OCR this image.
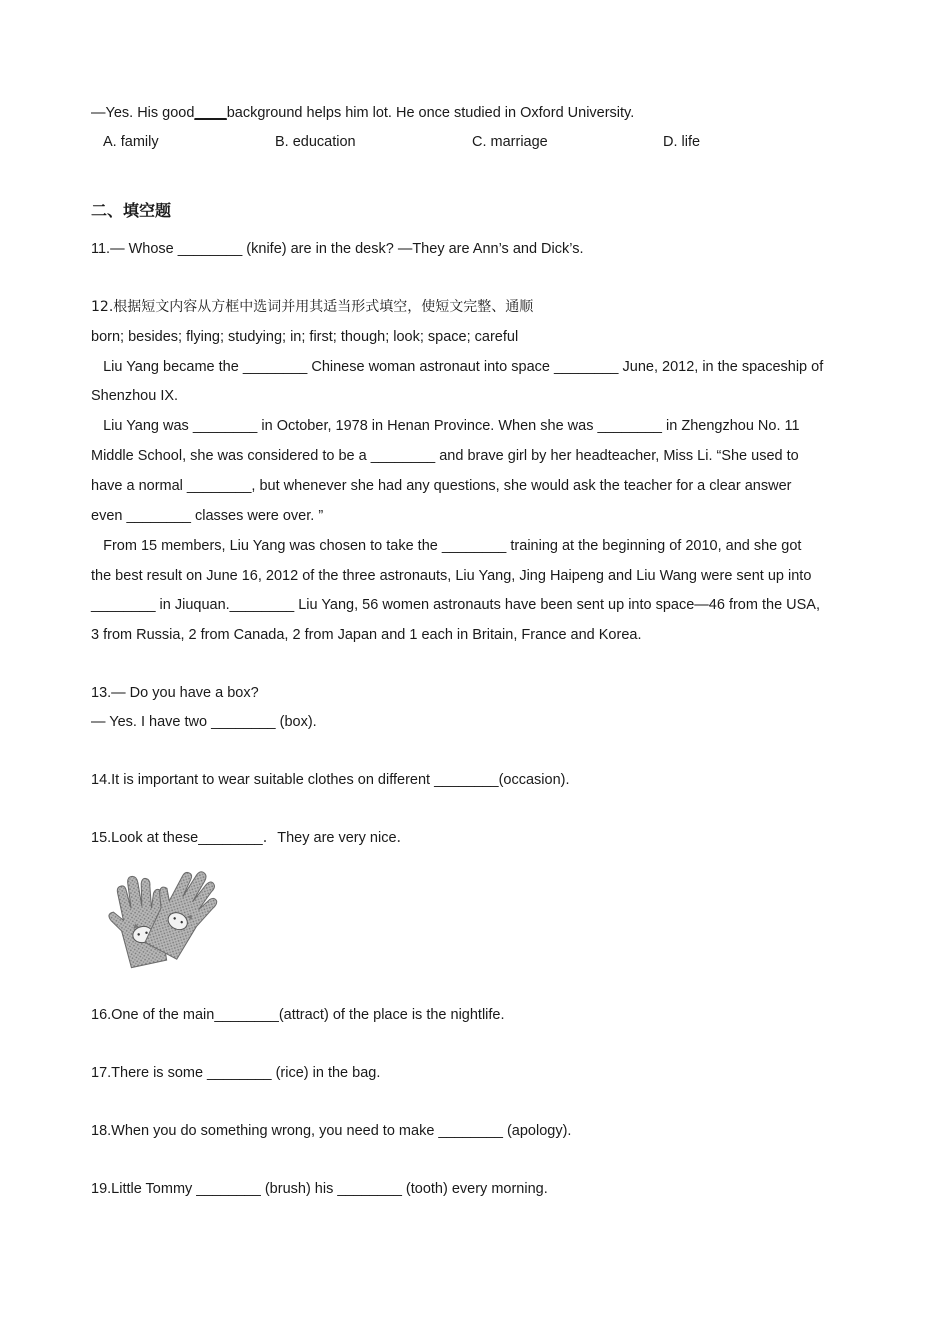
—Yes. His good____background helps him lot. He once studied in Oxford University.
A. family	B. education	C. marriage	D. life
二、填空题
11.— Whose ________ (knife) are in the desk? —They are Ann’s and Dick’s.
12.根据短文内容从方框中选词并用其适当形式填空，使短文完整、通顺
born; besides; flying; studying; in; first; though; look; space; careful
Liu Yang became the ________ Chinese woman astronaut into space ________ June, 2012, in the spaceship of
Shenzhou IX.
Liu Yang was ________ in October, 1978 in Henan Province. When she was ________ in Zhengzhou No. 11
Middle School, she was considered to be a ________ and brave girl by her headteacher, Miss Li. “She used to
have a normal ________, but whenever she had any questions, she would ask the teacher for a clear answer
even ________ classes were over. ”
From 15 members, Liu Yang was chosen to take the ________ training at the beginning of 2010, and she got
the best result on June 16, 2012 of the three astronauts, Liu Yang, Jing Haipeng and Liu Wang were sent up into
________ in Jiuquan.________ Liu Yang, 56 women astronauts have been sent up into space—46 from the USA,
3 from Russia, 2 from Canada, 2 from Japan and 1 each in Britain, France and Korea.
13.— Do you have a box?
— Yes. I have two ________ (box).
14.It is important to wear suitable clothes on different ________(occasion).
15.Look at these________．They are very nice．
16.One of the main________(attract) of the place is the nightlife.
17.There is some ________ (rice) in the bag.
18.When you do something wrong, you need to make ________ (apology).
19.Little Tommy ________ (brush) his ________ (tooth) every morning.
